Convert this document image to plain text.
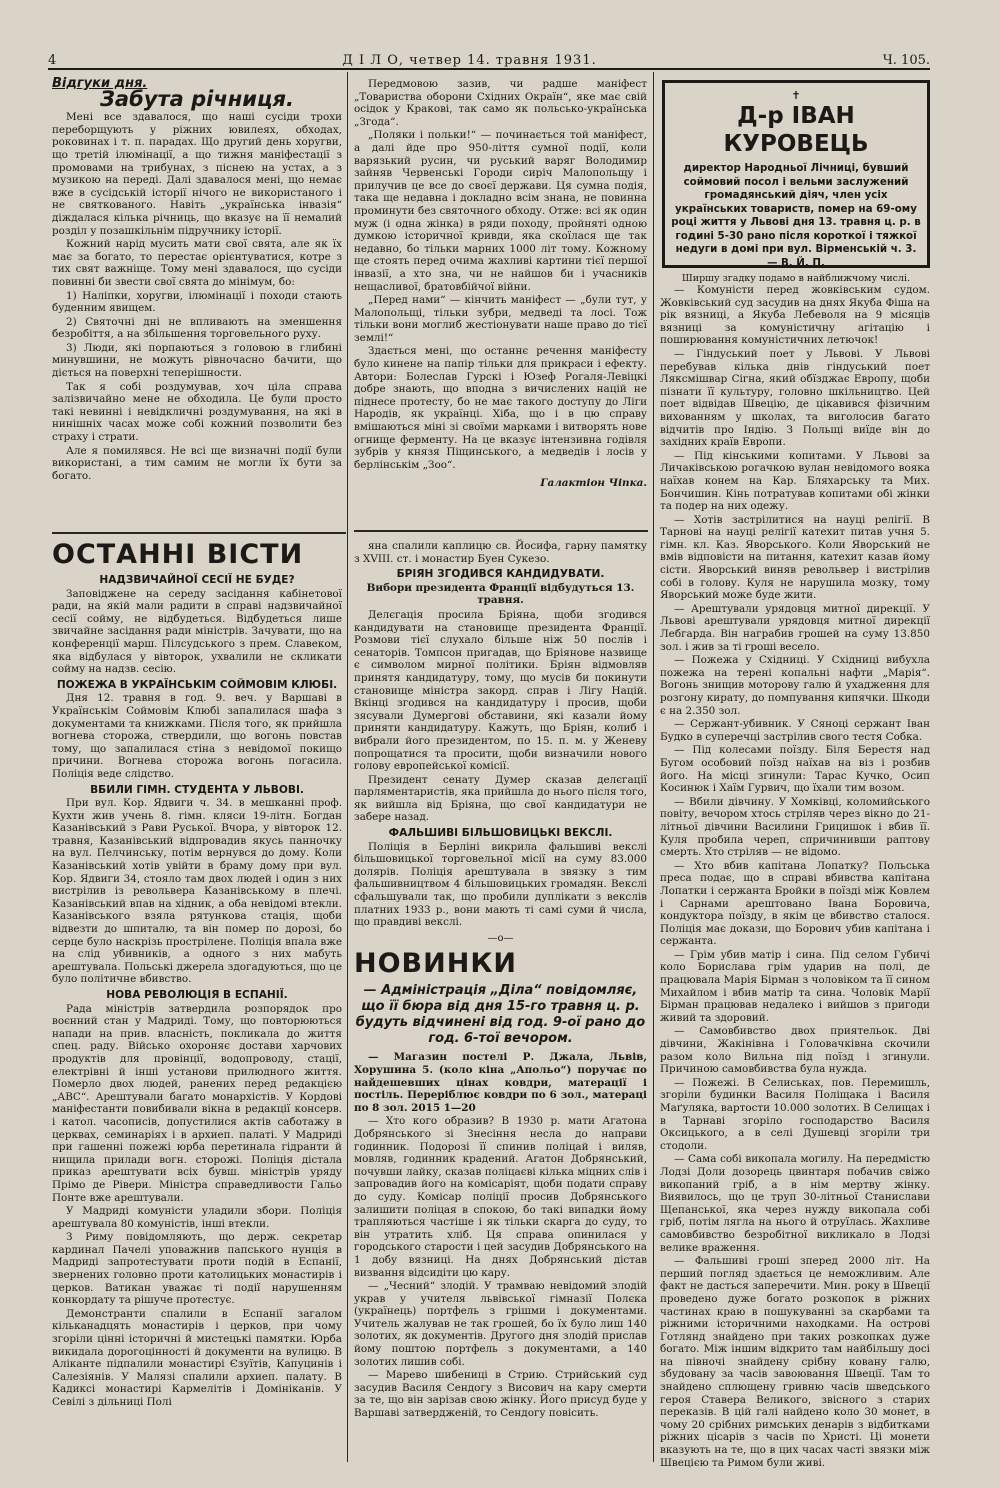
4	Д І Л О, четвер 14. травня 1931.	Ч. 105.
Відгуки дня.
Забута річниця.

Мені все здавалося, що наші сусіди трохи переборщують у ріжних ювилеях, обходах, роковинах і т. п. парадах. Що другий день хоругви, що третій ілюмінації, а що тижня маніфестації з промовами на трибунах, з піснею на устах, а з музикою на переді. Далі здавалося мені, що немає вже в сусідській історії нічого не використаного і не святкованого. Навіть „українська інвазія“ діждалася кілька річниць, що вказує на її немалий розділ у позашкільнім підручнику історії.

Кожний нарід мусить мати свої свята, але як їх має за богато, то перестає орієнтуватися, котре з тих свят важніще. Тому мені здавалося, що сусіди повинні би звести свої свята до мінімум, бо:

1) Наліпки, хоругви, ілюмінації і походи стають буденним явищем.

2) Святочні дні не впливають на зменшення безробіття, а на збільшення торговельного руху.

3) Люди, які порпаються з головою в глибині минувшини, не можуть рівночасно бачити, що діється на поверхні теперішности.

Так я собі роздумував, хоч ціла справа залізвичайно мене не обходила. Це були просто такі невинні і невідкличні роздумування, на які в нинішніх часах може собі кожний позволити без страху і страти.

Але я помилявся. Не всі ще визначні події були використані, а тим самим не могли їх бути за богато.

ОСТАННІ ВІСТИ
НАДЗВИЧАЙНОЇ СЕСІЇ НЕ БУДЕ?

Заповіджене на середу засідання кабінетової ради, на якій мали радити в справі надзвичайної сесії сойму, не відбудеться. Відбудеться лише звичайне засідання ради міністрів. Зачувати, що на конференції марш. Пілсудського з прем. Славеком, яка відбулася у вівторок, ухвалили не скликати сойму на надзв. сесію.

ПОЖЕЖА В УКРАЇНСЬКІМ СОЙМОВІМ КЛЮБІ.

Дня 12. травня в год. 9. веч. у Варшаві в Українськім Соймовім Клюбі запалилася шафа з документами та книжками. Після того, як прийшла вогнева сторожа, ствердили, що вогонь повстав тому, що запалилася стіна з невідомої покищо причини. Вогнева сторожа вогонь погасила. Поліція веде слідство.

ВБИЛИ ГІМН. СТУДЕНТА У ЛЬВОВІ.

При вул. Кор. Ядвиги ч. 34. в мешканні проф. Кухти жив учень 8. гімн. кляси 19-літн. Богдан Казанівський з Рави Руської. Вчора, у вівторок 12. травня, Казанівський відпровадив якусь панночку на вул. Пелчинську, потім вернувся до дому. Коли Казанівський хотів увійти в браму дому при вул. Кор. Ядвиги 34, стояло там двох людей і один з них вистрілив із револьвера Казанівському в плечі. Казанівський впав на хідник, а оба невідомі втекли. Казанівського взяла рятункова стація, щоби відвезти до шпиталю, та він помер по дорозі, бо серце було наскрізь прострілене. Поліція впала вже на слід убивників, а одного з них мабуть арештувала. Польські джерела здогадуються, що це було політичне вбивство.

НОВА РЕВОЛЮЦІЯ В ЕСПАНІЇ.

Рада міністрів затвердила розпорядок про воєнний стан у Мадриді. Тому, що повторюються напади на прив. власність, покликала до життя спец. раду. Військо охороняє достави харчових продуктів для провінції, водопроводу, стації, електрівні й інші установи прилюдного життя. Померло двох людей, ранених перед редакцією „АВС“. Арештували багато монархістів. У Кордові маніфестанти повибивали вікна в редакції консерв. і катол. часописів, допустилися актів саботажу в церквах, семинаріях і в архиеп. палаті. У Мадриді при гашенні пожежі юрба перетинала гідранти й нищила прилади вогн. сторожі. Поліція дістала приказ арештувати всіх бувш. міністрів уряду Прімо де Рівери. Міністра справедливости Гальо Понте вже арештували.

У Мадриді комуністи уладили збори. Поліція арештувала 80 комуністів, інші втекли.

З Риму повідомляють, що держ. секретар кардинал Пачелі уповажнив папського нунція в Мадриді запротестувати проти подій в Еспанії, звернених головно проти католицьких монастирів і церков. Ватикан уважає ті події нарушенням конкордату та рішуче протестує.

Демонстранти спалили в Еспанії загалом кільканадцять монастирів і церков, при чому згоріли цінні історичні й мистецькі памятки. Юрба викидала дорогоцінності й документи на вулицю. В Аліканте підпалили монастирі Єзуїтів, Капуцинів і Салезіянів. У Малязі спалили архиеп. палату. В Кадиксі монастирі Кармелітів і Домініканів. У Севілі з дільниці Полі

Передмовою зазив, чи радше маніфест „Товариства оборони Східних Окраїн“, яке має свій осідок у Кракові, так само як польсько-українська „Згода“.

„Поляки і польки!“ — починається той маніфест, а далі йде про 950-ліття сумної події, коли варязький русин, чи руський варяг Володимир зайняв Червенські Городи сиріч Малопольщу і прилучив це все до своєї держави. Ця сумна подія, така ще недавна і докладно всім знана, не повинна проминути без святочного обходу. Отже: всі як один муж (і одна жінка) в ряди походу, пройняті одною думкою історичної кривди, яка скоїлася ще так недавно, бо тільки марних 1000 літ тому. Кожному ще стоять перед очима жахливі картини тієї першої інвазії, а хто зна, чи не найшов би і учасників нещасливої, братовбійчої війни.

„Перед нами“ — кінчить маніфест — „були тут, у Малопольщі, тільки зубри, медведі та лосі. Тож тільки вони моглиб жестіонувати наше право до тієї землі!“

Здається мені, що останнє речення маніфесту було кинене на папір тільки для прикраси і ефекту. Автори: Болеслав Гурскі і Юзеф Рогаля-Левіцкі добре знають, що вподна з вичислених націй не піднесе протесту, бо не має такого доступу до Ліги Народів, як українці. Хіба, що і в цю справу вмішаються міні зі своїми марками і витворять нове огнище ферменту. На це вказує інтензивна годівля зубрів у князя Піщинського, а медведів і лосів у берлінськім „Зоо“.

Галактіон Чіпка.

яна спалили каплицю св. Йосифа, гарну памятку з XVIII. ст. і монастир Буен Сукезо.

БРІЯН ЗГОДИВСЯ КАНДИДУВАТИ.
Вибори президента Франції відбудуться 13. травня.

Делєгація просила Бріяна, щоби згодився кандидувати на становище президента Франції. Розмови тієї слухало більше ніж 50 послів і сенаторів. Томпсон пригадав, що Бріянове назвище є символом мирної політики. Бріян відмовляв принятя кандидатуру, тому, що мусів би покинути становище міністра закорд. справ і Лігу Націй. Вкінці згодився на кандидатуру і просив, щоби зясували Думергові обставини, які казали йому приняти кандидатуру. Кажуть, що Бріян, колиб і вибрали його президентом, по 15. п. м. у Женеву попрощатися та просити, щоби визначили нового голову европейської комісії.

Президент сенату Думер сказав делєгації парляментаристів, яка прийшла до нього після того, як вийшла від Бріяна, що свої кандидатури не забере назад.

ФАЛЬШИВІ БІЛЬШОВИЦЬКІ ВЕКСЛІ.

Поліція в Берліні викрила фальшиві векслі більшовицької торговельної місії на суму 83.000 долярів. Поліція арештувала в звязку з тим фальшивництвом 4 більшовицьких громадян. Векслі сфальшували так, що пробили дуплікати з векслів платних 1933 р., вони мають ті самі суми й числа, що правдиві векслі.

—o—
НОВИНКИ
— Адміністрація „Діла“ повідомляє, що її бюра від дня 15-го травня ц. р. будуть відчинені від год. 9-ої рано до год. 6-тої вечором.

— Магазин постелі Р. Джала, Львів, Хорушина 5. (коло кіна „Апольо“) поручає по найдешевших цінах ковдри, матерації і постіль. Переріблює ковдри по 6 зол., матераці по 8 зол. 2015 1—20

— Хто кого образив? В 1930 р. мати Агатона Добрянського зі Знесіння несла до направи годинник. Подорозі її спинив поліцай і виляв, мовляв, годинник крадений. Агатон Добрянський, почувши лайку, сказав поліцаєві кілька міцних слів і запровадив його на комісаріят, щоби подати справу до суду. Комісар поліції просив Добрянського залишити поліцая в спокою, бо такі випадки йому трапляються частіше і як тільки скарга до суду, то він утратить хліб. Ця справа опинилася у городського старости і цей засудив Добрянського на 1 добу вязниці. На днях Добрянський дістав визвання відсидіти цю кару.

— „Чесний“ злодій. У трамваю невідомий злодій украв у учителя львівської гімназії Полєка (українець) портфель з грішми і документами. Учитель жалував не так грошей, бо їх було лиш 140 золотих, як документів. Другого дня злодій прислав йому поштою портфель з документами, а 140 золотих лишив собі.

— Марево шибениці в Стрию. Стрийський суд засудив Василя Сендогу з Висович на кару смерти за те, що він зарізав свою жінку. Його присуд буде у Варшаві затвердженій, то Сендогу повісить.

✝
Д-р ІВАН КУРОВЕЦЬ
директор Народньої Лічниці, бувший соймовий посол і вельми заслужений громадянський діяч, член усіх українських товариств, помер на 69-ому році життя у Львові дня 13. травня ц. р. в годині 5-30 рано після короткої і тяжкої недуги в домі при вул. Вірменській ч. 3. — В. Й. П.
Ширшу згадку подамо в найближчому числі.

— Комуністи перед жовківським судом. Жовківський суд засудив на днях Якуба Фіша на рік вязниці, а Якуба Лебеволя на 9 місяців вязниці за комуністичну агітацію і поширювання комуністичних летючок!

— Гіндуський поет у Львові. У Львові перебував кілька днів гіндуський поет Ляксмішвар Сігна, який обїзджає Европу, щоби пізнати її культуру, головно шкільництво. Цей поет відвідав Швецію, де цікавився фізичним вихованням у школах, та виголосив багато відчитів про Індію. З Польщі виїде він до західних країв Европи.

— Під кінськими копитами. У Львові за Личаківською рогачкою вулан невідомого вояка наїхав конем на Кар. Бляхарську та Мих. Бончишин. Кінь потратував копитами обі жінки та подер на них одежу.

— Хотів застрілитися на науці релігії. В Тарнові на науці релігії катехит питав учня 5. гімн. кл. Каз. Яворського. Коли Яворський не вмів відповісти на питання, катехит казав йому сісти. Яворський виняв револьвер і вистрілив собі в голову. Куля не нарушила мозку, тому Яворський може буде жити.

— Арештували урядовця митної дирекції. У Львові арештували урядовця митної дирекції Лебгарда. Він награбив грошей на суму 13.850 зол. і жив за ті гроші весело.

— Пожежа у Східниці. У Східниці вибухла пожежа на терені копальні нафти „Марія“. Вогонь знищив моторову галю й ухадження для розгону кирату, до помпування кипячки. Шкоди є на 2.350 зол.

— Сержант-убивник. У Сяноці сержант Іван Будко в суперечці застрілив свого тестя Собка.

— Під колесами поїзду. Біля Берестя над Бугом особовий поїзд наїхав на віз і розбив його. На місці згинули: Тарас Кучко, Осип Косинюк і Хаїм Гурвич, що їхали тим возом.

— Вбили дівчину. У Хомківці, коломийського повіту, вечором хтось стріляв через вікно до 21-літньої дівчини Василини Грицишок і вбив її. Куля пробила череп, спричинивши раптову смерть. Хто стріляв — не відомо.

— Хто вбив капітана Лопатку? Польська преса подає, що в справі вбивства капітана Лопатки і сержанта Бройки в поїзді між Ковлем і Сарнами арештовано Івана Боровича, кондуктора поїзду, в якім це вбивство сталося. Поліція має докази, що Борович убив капітана і сержанта.

— Грім убив матір і сина. Під селом Губичі коло Борислава грім ударив на полі, де працювала Марія Бірман з чоловіком та її сином Михайлом і вбив матір та сина. Чоловік Марії Бірман працював недалеко і вийшов з пригоди живий та здоровий.

— Самовбивство двох приятельок. Дві дівчини, Жакінівна і Головачківна скочили разом коло Вильна під поїзд і згинули. Причиною самовбивства була нужда.

— Пожежі. В Селиськах, пов. Перемишль, згоріли будинки Василя Поліщака і Василя Маґуляка, вартости 10.000 золотих. В Селищах і в Тарнаві згоріло господарство Василя Оксицького, а в селі Душевці згоріли три стодоли.

— Сама собі викопала могилу. На передмістю Лодзі Доли дозорець цвинтаря побачив свіжо викопаний гріб, а в нім мертву жінку. Виявилось, що це труп 30-літньої Станислави Щепанської, яка через нужду викопала собі гріб, потім лягла на нього й отруїлась. Жахливе самовбивство безробітної викликало в Лодзі велике враження.

— Фальшиві гроші зперед 2000 літ. На перший погляд здається це неможливим. Але факт не дасться заперечити. Мин. року в Швеції проведено дуже богато розкопок в ріжних частинах краю в пошукуванні за скарбами та ріжними історичними находками. На острові Готлянд знайдено при таких розкопках дуже богато. Між іншим відкрито там найбільшу досі на півночі знайдену срібну ковану галю, збудовану за часів завоювання Швеції. Там то знайдено сплющену гривню часів шведського героя Ставера Великого, звісного з старих переказів. В цій галі найдено коло 30 монет, в чому 20 срібних римських денарів з відбитками ріжних цісарів з часів по Христі. Ці монети вказують на те, що в цих часах часті звязки між Швецією та Римом були живі.
